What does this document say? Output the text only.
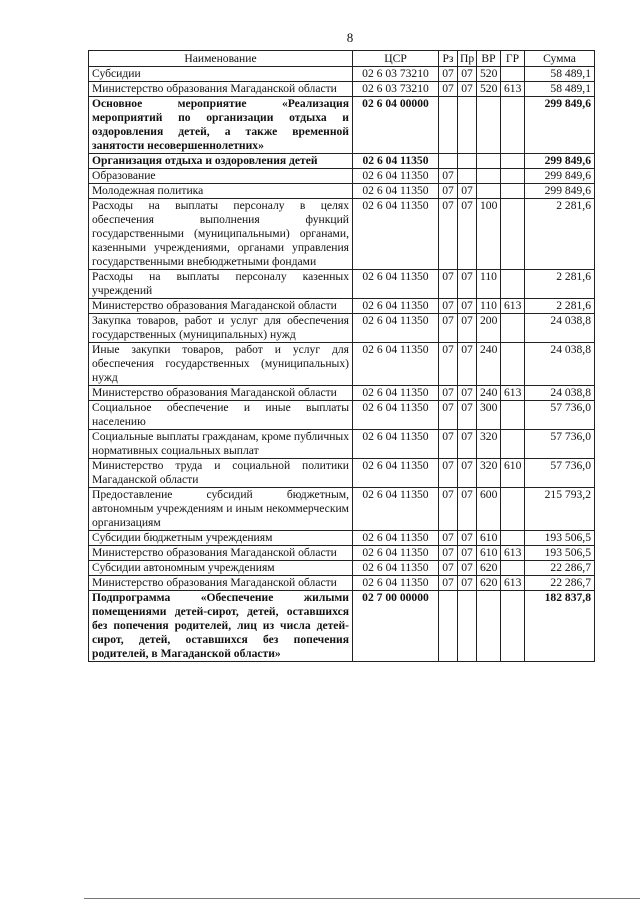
8
Наименование	ЦСР	Рз	Пр	ВР	ГР	Сумма
Субсидии	02 6 03 73210	07	07	520		58 489,1
Министерство образования Магаданской области	02 6 03 73210	07	07	520	613	58 489,1
Основное мероприятие «Реализация мероприятий по организации отдыха и оздоровления детей, а также временной занятости несовершеннолетних»	02 6 04 00000					299 849,6
Организация отдыха и оздоровления детей	02 6 04 11350					299 849,6
Образование	02 6 04 11350	07				299 849,6
Молодежная политика	02 6 04 11350	07	07			299 849,6
Расходы на выплаты персоналу в целях обеспечения выполнения функций государственными (муниципальными) органами, казенными учреждениями, органами управления государственными внебюджетными фондами	02 6 04 11350	07	07	100		2 281,6
Расходы на выплаты персоналу казенных учреждений	02 6 04 11350	07	07	110		2 281,6
Министерство образования Магаданской области	02 6 04 11350	07	07	110	613	2 281,6
Закупка товаров, работ и услуг для обеспечения государственных (муниципальных) нужд	02 6 04 11350	07	07	200		24 038,8
Иные закупки товаров, работ и услуг для обеспечения государственных (муниципальных) нужд	02 6 04 11350	07	07	240		24 038,8
Министерство образования Магаданской области	02 6 04 11350	07	07	240	613	24 038,8
Социальное обеспечение и иные выплаты населению	02 6 04 11350	07	07	300		57 736,0
Социальные выплаты гражданам, кроме публичных нормативных социальных выплат	02 6 04 11350	07	07	320		57 736,0
Министерство труда и социальной политики Магаданской области	02 6 04 11350	07	07	320	610	57 736,0
Предоставление субсидий бюджетным, автономным учреждениям и иным некоммерческим организациям	02 6 04 11350	07	07	600		215 793,2
Субсидии бюджетным учреждениям	02 6 04 11350	07	07	610		193 506,5
Министерство образования Магаданской области	02 6 04 11350	07	07	610	613	193 506,5
Субсидии автономным учреждениям	02 6 04 11350	07	07	620		22 286,7
Министерство образования Магаданской области	02 6 04 11350	07	07	620	613	22 286,7
Подпрограмма «Обеспечение жилыми помещениями детей-сирот, детей, оставшихся без попечения родителей, лиц из числа детей-сирот, детей, оставшихся без попечения родителей, в Магаданской области»	02 7 00 00000					182 837,8
